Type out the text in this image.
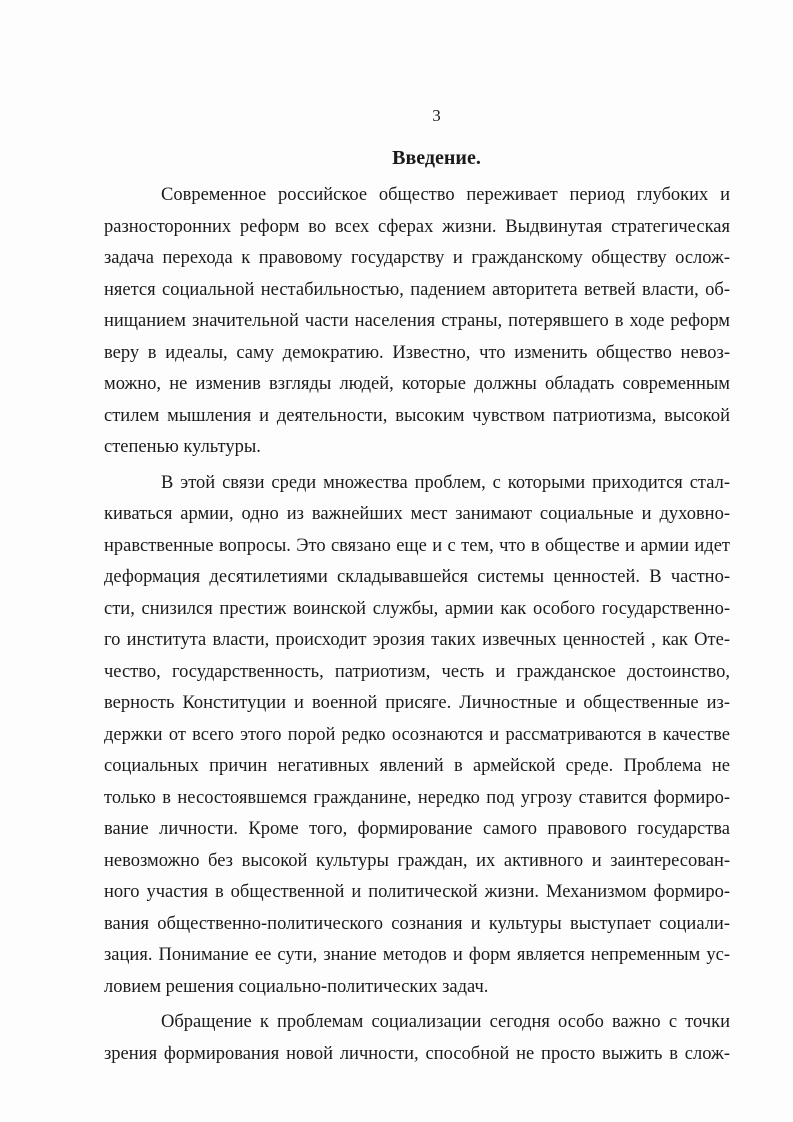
3
Введение.
Современное российское общество переживает период глубоких и
разносторонних реформ во всех сферах жизни. Выдвинутая стратегическая
задача перехода к правовому государству и гражданскому обществу ослож-
няется социальной нестабильностью, падением авторитета ветвей власти, об-
нищанием значительной части населения страны, потерявшего в ходе реформ
веру в идеалы, саму демократию. Известно, что изменить общество невоз-
можно, не изменив взгляды людей, которые должны обладать современным
стилем мышления и деятельности, высоким чувством патриотизма, высокой
степенью культуры.
В этой связи среди множества проблем, с которыми приходится стал-
киваться армии, одно из важнейших мест занимают социальные и духовно-
нравственные вопросы. Это связано еще и с тем, что в обществе и армии идет
деформация десятилетиями складывавшейся системы ценностей. В частно-
сти, снизился престиж воинской службы, армии как особого государственно-
го института власти, происходит эрозия таких извечных ценностей , как Оте-
чество, государственность, патриотизм, честь и гражданское достоинство,
верность Конституции и военной присяге. Личностные и общественные из-
держки от всего этого порой редко осознаются и рассматриваются в качестве
социальных причин негативных явлений в армейской среде. Проблема не
только в несостоявшемся гражданине, нередко под угрозу ставится формиро-
вание личности. Кроме того, формирование самого правового государства
невозможно без высокой культуры граждан, их активного и заинтересован-
ного участия в общественной и политической жизни. Механизмом формиро-
вания общественно-политического сознания и культуры выступает социали-
зация. Понимание ее сути, знание методов и форм является непременным ус-
ловием решения социально-политических задач.
Обращение к проблемам социализации сегодня особо важно с точки
зрения формирования новой личности, способной не просто выжить в слож-
